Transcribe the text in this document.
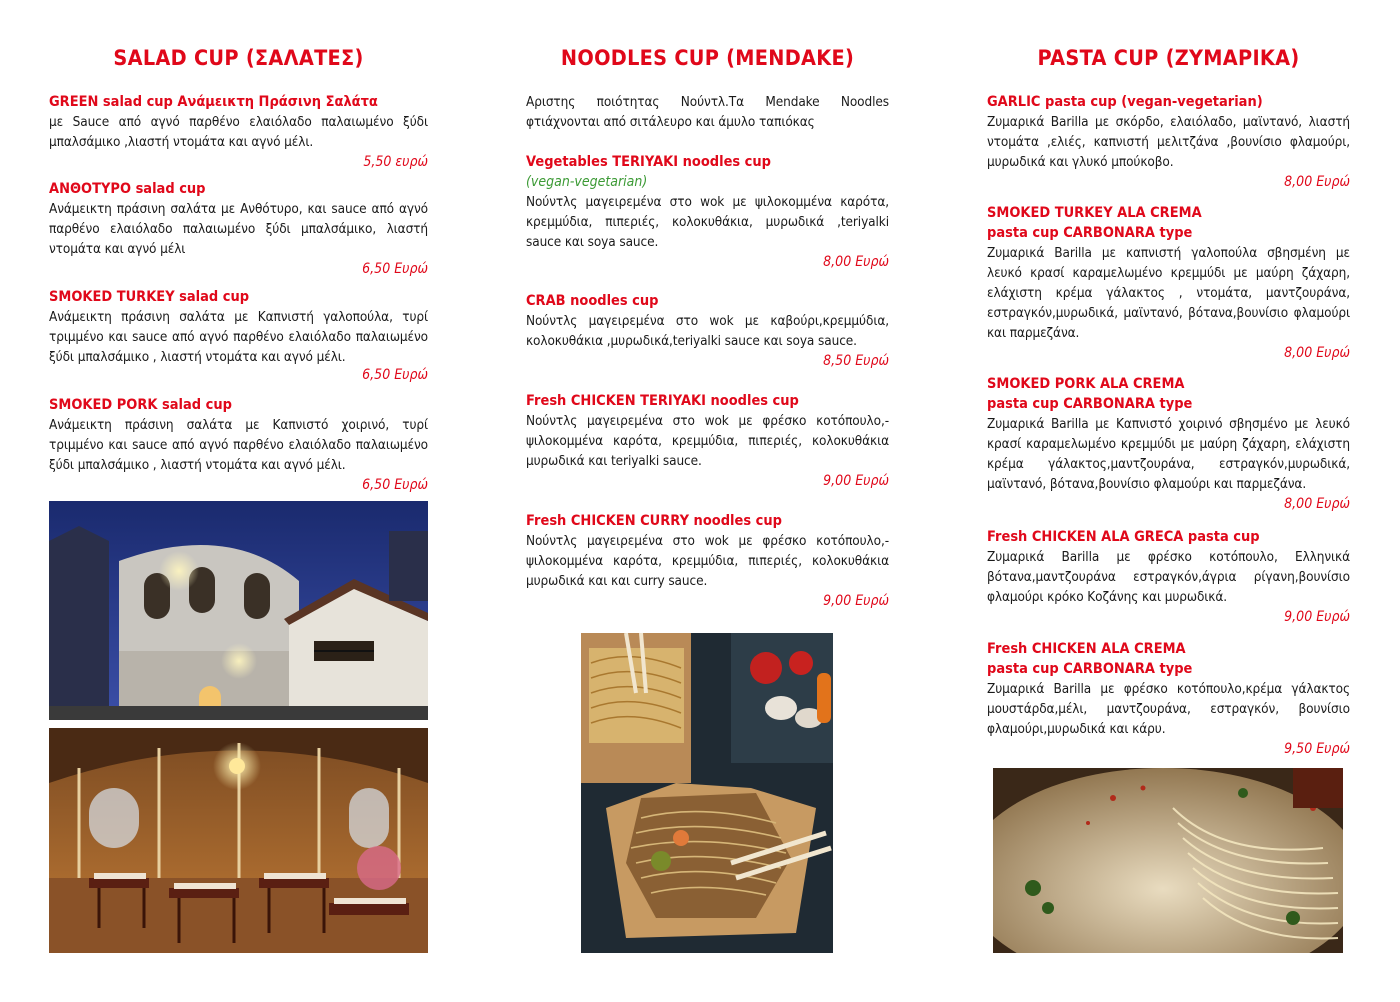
SALAD CUP (ΣΑΛΑΤΕΣ)
GREEN salad cup Ανάμεικτη Πράσινη Σαλάτα
με Sauce από αγνό παρθένο ελαιόλαδο παλαιωμένο ξύδι μπαλσάμικο ,λιαστή ντομάτα και αγνό μέλι.
5,50 ευρώ
ΑΝΘΟΤΥΡΟ salad cup
Ανάμεικτη πράσινη σαλάτα με Ανθότυρο, και sauce από αγνό παρθένο ελαιόλαδο παλαιωμένο ξύδι μπαλσάμικο, λιαστή ντομάτα και αγνό μέλι
6,50 Ευρώ
SMOKED TURKEY salad cup
Ανάμεικτη πράσινη σαλάτα με Καπνιστή γαλοπούλα, τυρί τριμμένο και sauce από αγνό παρθένο ελαιόλαδο παλαιωμένο ξύδι μπαλσάμικο , λιαστή ντομάτα και αγνό μέλι.
6,50 Ευρώ
SMOKED PORK salad cup
Ανάμεικτη πράσινη σαλάτα με Καπνιστό χοιρινό, τυρί τριμμένο και sauce από αγνό παρθένο ελαιόλαδο παλαιωμένο ξύδι μπαλσάμικο , λιαστή ντομάτα και αγνό μέλι.
6,50 Ευρώ
NOODLES CUP (MENDAKE)
Αριστης ποιότητας Νούντλ.Τα Mendake Noodles φτιάχνονται από σιτάλευρο και άμυλο ταπιόκας
Vegetables TERIYAKI noodles cup
(vegan-vegetarian)
Νούντλς μαγειρεμένα στο wok με ψιλοκομμένα καρότα, κρεμμύδια, πιπεριές, κολοκυθάκια, μυρωδικά ,teriyalki sauce και soya sauce.
8,00 Ευρώ
CRAB noodles cup
Νούντλς μαγειρεμένα στο wok με καβούρι,κρεμμύδια, κολοκυθάκια ,μυρωδικά,teriyalki sauce και soya sauce.
8,50 Ευρώ
Fresh CHICKEN TERIYAKI noodles cup
Νούντλς μαγειρεμένα στο wok με φρέσκο κοτόπουλο,- ψιλοκομμένα καρότα, κρεμμύδια, πιπεριές, κολοκυθάκια μυρωδικά και teriyalki sauce.
9,00 Ευρώ
Fresh CHICKEN CURRY noodles cup
Νούντλς μαγειρεμένα στο wok με φρέσκο κοτόπουλο,- ψιλοκομμένα καρότα, κρεμμύδια, πιπεριές, κολοκυθάκια μυρωδικά και και curry sauce.
9,00 Ευρώ
PASTA CUP (ΖΥΜΑΡΙΚΑ)
GARLIC pasta cup (vegan-vegetarian)
Ζυμαρικά Barilla με σκόρδο, ελαιόλαδο, μαϊντανό, λιαστή ντομάτα ,ελιές, καπνιστή μελιτζάνα ,βουνίσιο φλαμούρι, μυρωδικά και γλυκό μπούκοβο.
8,00 Ευρώ
SMOKED TURKEY ALA CREMA
pasta cup CARBONARA type
Ζυμαρικά Barilla με καπνιστή γαλοπούλα σβησμένη με λευκό κρασί καραμελωμένο κρεμμύδι με μαύρη ζάχαρη, ελάχιστη κρέμα γάλακτος , ντομάτα, μαντζουράνα, εστραγκόν,μυρωδικά, μαϊντανό, βότανα,βουνίσιο φλαμούρι και παρμεζάνα.
8,00 Ευρώ
SMOKED PORK ALA CREMA
pasta cup CARBONARA type
Ζυμαρικά Barilla με Καπνιστό χοιρινό σβησμένο με λευκό κρασί καραμελωμένο κρεμμύδι με μαύρη ζάχαρη, ελάχιστη κρέμα γάλακτος,μαντζουράνα, εστραγκόν,μυρωδικά, μαϊντανό, βότανα,βουνίσιο φλαμούρι και παρμεζάνα.
8,00 Ευρώ
Fresh CHICKEN ALA GRECA pasta cup
Ζυμαρικά Barilla με φρέσκο κοτόπουλο, Ελληνικά βότανα,μαντζουράνα εστραγκόν,άγρια ρίγανη,βουνίσιο φλαμούρι κρόκο Κοζάνης και μυρωδικά.
9,00 Ευρώ
Fresh CHICKEN ALA CREMA
pasta cup CARBONARA type
Ζυμαρικά Barilla με φρέσκο κοτόπουλο,κρέμα γάλακτος μουστάρδα,μέλι, μαντζουράνα, εστραγκόν, βουνίσιο φλαμούρι,μυρωδικά και κάρυ.
9,50 Ευρώ
